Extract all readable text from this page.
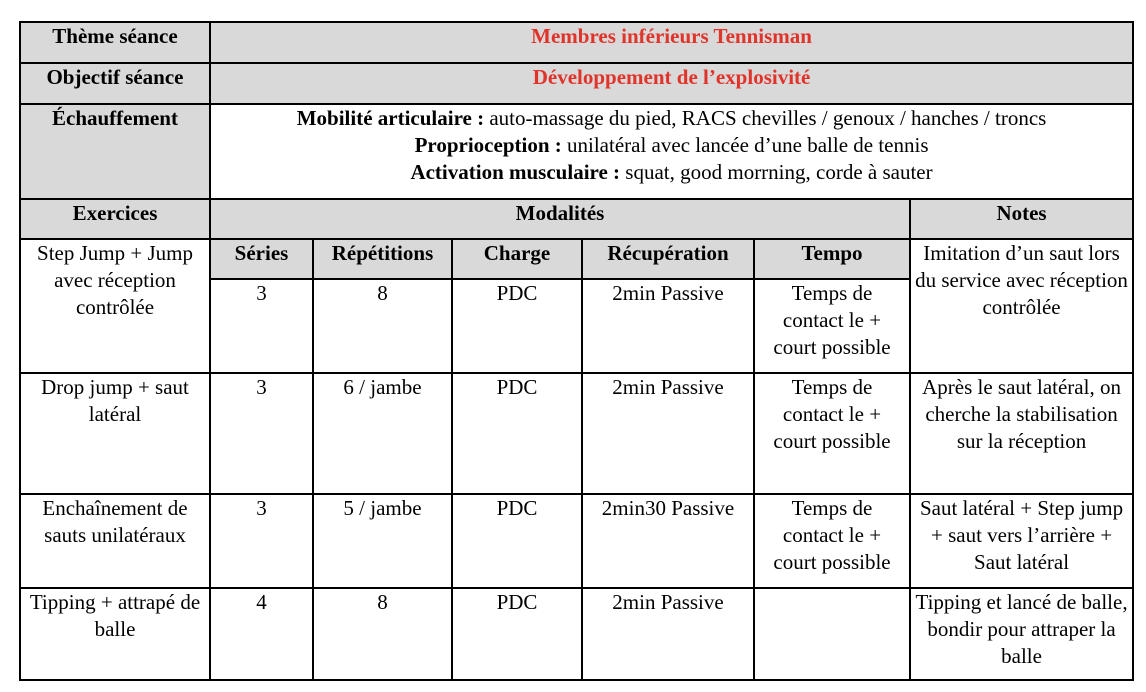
Thème séance	Membres inférieurs Tennisman					
Objectif séance	Développement de l’explosivité					
Échauffement	Mobilité articulaire : auto-massage du pied, RACS chevilles / genoux / hanches / troncs
Proprioception : unilatéral avec lancée d’une balle de tennis
Activation musculaire : squat, good morrning, corde à sauter					

Exercices	Modalités					Notes
Step Jump + Jump avec réception contrôlée	Séries	Répétitions	Charge	Récupération	Tempo	Imitation d’un saut lors du service avec réception contrôlée
	3	8	PDC	2min Passive	Temps de contact le + court possible	
Drop jump + saut latéral	3	6 / jambe	PDC	2min Passive	Temps de contact le + court possible	Après le saut latéral, on cherche la stabilisation sur la réception
Enchaînement de sauts unilatéraux	3	5 / jambe	PDC	2min30 Passive	Temps de contact le + court possible	Saut latéral + Step jump + saut vers l’arrière + Saut latéral
Tipping + attrapé de balle	4	8	PDC	2min Passive		Tipping et lancé de balle, bondir pour attraper la balle
